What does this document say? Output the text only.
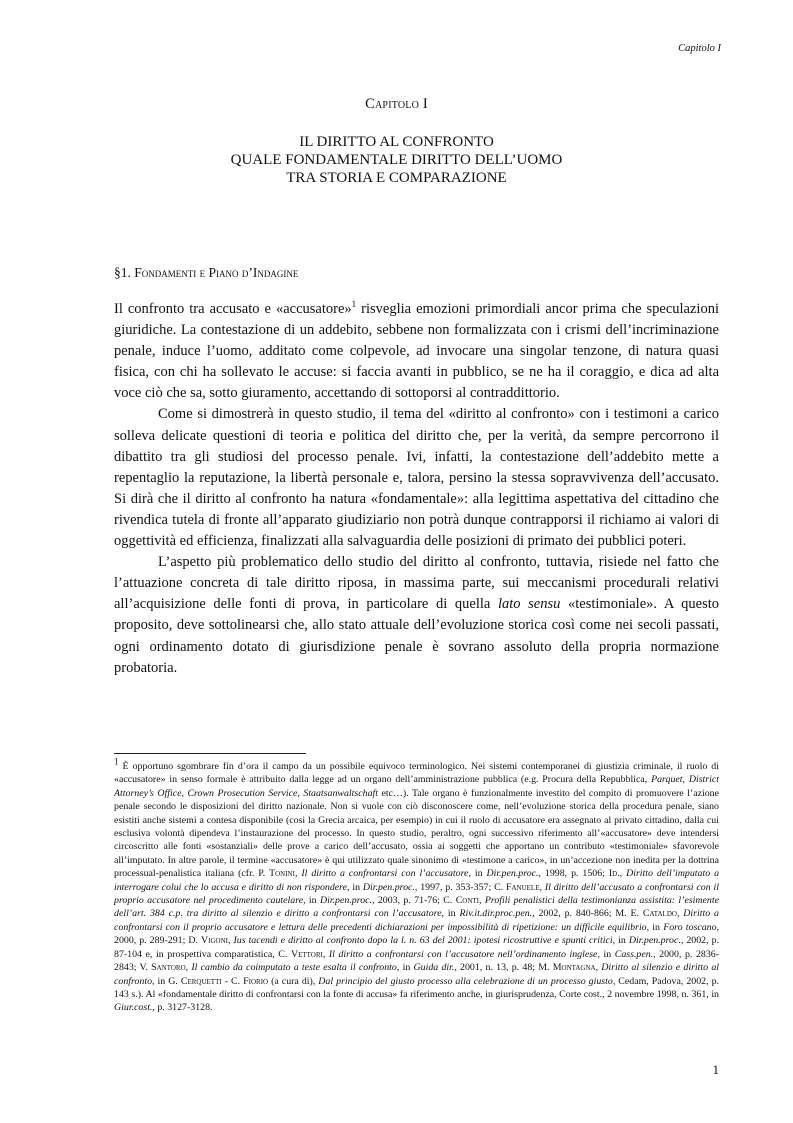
Capitolo I
Capitolo I
IL DIRITTO AL CONFRONTO
QUALE FONDAMENTALE DIRITTO DELL’UOMO
TRA STORIA E COMPARAZIONE
§1. Fondamenti e Piano d’Indagine

Il confronto tra accusato e «accusatore»$^1$ risveglia emozioni primordiali ancor prima che speculazioni giuridiche. La contestazione di un addebito, sebbene non formalizzata con i crismi dell’incriminazione penale, induce l’uomo, additato come colpevole, ad invocare una singolar tenzone, di natura quasi fisica, con chi ha sollevato le accuse: si faccia avanti in pubblico, se ne ha il coraggio, e dica ad alta voce ciò che sa, sotto giuramento, accettando di sottoporsi al contraddittorio.

Come si dimostrerà in questo studio, il tema del «diritto al confronto» con i testimoni a carico solleva delicate questioni di teoria e politica del diritto che, per la verità, da sempre percorrono il dibattito tra gli studiosi del processo penale. Ivi, infatti, la contestazione dell’addebito mette a repentaglio la reputazione, la libertà personale e, talora, persino la stessa sopravvivenza dell’accusato. Si dirà che il diritto al confronto ha natura «fondamentale»: alla legittima aspettativa del cittadino che rivendica tutela di fronte all’apparato giudiziario non potrà dunque contrapporsi il richiamo ai valori di oggettività ed efficienza, finalizzati alla salvaguardia delle posizioni di primato dei pubblici poteri.

L’aspetto più problematico dello studio del diritto al confronto, tuttavia, risiede nel fatto che l’attuazione concreta di tale diritto riposa, in massima parte, sui meccanismi procedurali relativi all’acquisizione delle fonti di prova, in particolare di quella lato sensu «testimoniale». A questo proposito, deve sottolinearsi che, allo stato attuale dell’evoluzione storica così come nei secoli passati, ogni ordinamento dotato di giurisdizione penale è sovrano assoluto della propria normazione probatoria.

$^1$ È opportuno sgombrare fin d’ora il campo da un possibile equivoco terminologico. Nei sistemi contemporanei di giustizia criminale, il ruolo di «accusatore» in senso formale è attribuito dalla legge ad un organo dell’amministrazione pubblica (e.g. Procura della Repubblica, Parquet, District Attorney’s Office, Crown Prosecution Service, Staatsanwaltschaft etc…). Tale organo è funzionalmente investito del compito di promuovere l’azione penale secondo le disposizioni del diritto nazionale. Non si vuole con ciò disconoscere come, nell’evoluzione storica della procedura penale, siano esistiti anche sistemi a contesa disponibile (così la Grecia arcaica, per esempio) in cui il ruolo di accusatore era assegnato al privato cittadino, dalla cui esclusiva volontà dipendeva l’instaurazione del processo. In questo studio, peraltro, ogni successivo riferimento all’«accusatore» deve intendersi circoscritto alle fonti «sostanziali» delle prove a carico dell’accusato, ossia ai soggetti che apportano un contributo «testimoniale» sfavorevole all’imputato. In altre parole, il termine «accusatore» è qui utilizzato quale sinonimo di «testimone a carico», in un’accezione non inedita per la dottrina processual-penalistica italiana (cfr. P. Tonini, Il diritto a confrontarsi con l’accusatore, in Dir.pen.proc., 1998, p. 1506; Id., Diritto dell’imputato a interrogare colui che lo accusa e diritto di non rispondere, in Dir.pen.proc., 1997, p. 353-357; C. Fanuele, Il diritto dell’accusato a confrontarsi con il proprio accusatore nel procedimento cautelare, in Dir.pen.proc., 2003, p. 71-76; C. Conti, Profili penalistici della testimonianza assistita: l’esimente dell’art. 384 c.p. tra diritto al silenzio e diritto a confrontarsi con l’accusatore, in Riv.it.dir.proc.pen., 2002, p. 840-866; M. E. Cataldo, Diritto a confrontarsi con il proprio accusatore e lettura delle precedenti dichiarazioni per impossibilità di ripetizione: un difficile equilibrio, in Foro toscano, 2000, p. 289-291; D. Vigoni, Ius tacendi e diritto al confronto dopo la l. n. 63 del 2001: ipotesi ricostruttive e spunti critici, in Dir.pen.proc., 2002, p. 87-104 e, in prospettiva comparatistica, C. Vettori, Il diritto a confrontarsi con l’accusatore nell’ordinamento inglese, in Cass.pen., 2000, p. 2836-2843; V. Santoro, Il cambio da coimputato a teste esalta il confronto, in Guida dir., 2001, n. 13, p. 48; M. Montagna, Diritto al silenzio e diritto al confronto, in G. Cerquetti - C. Fiorio (a cura di), Dal principio del giusto processo alla celebrazione di un processo giusto, Cedam, Padova, 2002, p. 143 s.). Al «fondamentale diritto di confrontarsi con la fonte di accusa» fa riferimento anche, in giurisprudenza, Corte cost., 2 novembre 1998, n. 361, in Giur.cost., p. 3127-3128.

1
